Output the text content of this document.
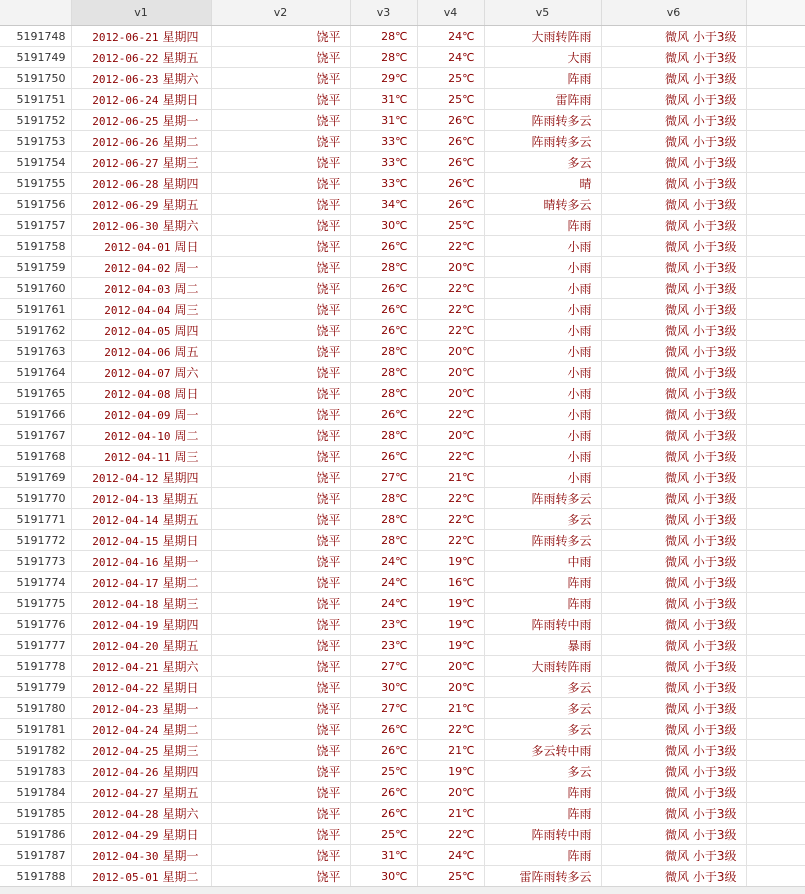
	v1	v2	v3	v4	v5	v6	
5191748	2012-06-21 星期四	饶平	28℃	24℃	大雨转阵雨	微风 小于3级	
5191749	2012-06-22 星期五	饶平	28℃	24℃	大雨	微风 小于3级	
5191750	2012-06-23 星期六	饶平	29℃	25℃	阵雨	微风 小于3级	
5191751	2012-06-24 星期日	饶平	31℃	25℃	雷阵雨	微风 小于3级	
5191752	2012-06-25 星期一	饶平	31℃	26℃	阵雨转多云	微风 小于3级	
5191753	2012-06-26 星期二	饶平	33℃	26℃	阵雨转多云	微风 小于3级	
5191754	2012-06-27 星期三	饶平	33℃	26℃	多云	微风 小于3级	
5191755	2012-06-28 星期四	饶平	33℃	26℃	晴	微风 小于3级	
5191756	2012-06-29 星期五	饶平	34℃	26℃	晴转多云	微风 小于3级	
5191757	2012-06-30 星期六	饶平	30℃	25℃	阵雨	微风 小于3级	
5191758	2012-04-01 周日	饶平	26℃	22℃	小雨	微风 小于3级	
5191759	2012-04-02 周一	饶平	28℃	20℃	小雨	微风 小于3级	
5191760	2012-04-03 周二	饶平	26℃	22℃	小雨	微风 小于3级	
5191761	2012-04-04 周三	饶平	26℃	22℃	小雨	微风 小于3级	
5191762	2012-04-05 周四	饶平	26℃	22℃	小雨	微风 小于3级	
5191763	2012-04-06 周五	饶平	28℃	20℃	小雨	微风 小于3级	
5191764	2012-04-07 周六	饶平	28℃	20℃	小雨	微风 小于3级	
5191765	2012-04-08 周日	饶平	28℃	20℃	小雨	微风 小于3级	
5191766	2012-04-09 周一	饶平	26℃	22℃	小雨	微风 小于3级	
5191767	2012-04-10 周二	饶平	28℃	20℃	小雨	微风 小于3级	
5191768	2012-04-11 周三	饶平	26℃	22℃	小雨	微风 小于3级	
5191769	2012-04-12 星期四	饶平	27℃	21℃	小雨	微风 小于3级	
5191770	2012-04-13 星期五	饶平	28℃	22℃	阵雨转多云	微风 小于3级	
5191771	2012-04-14 星期五	饶平	28℃	22℃	多云	微风 小于3级	
5191772	2012-04-15 星期日	饶平	28℃	22℃	阵雨转多云	微风 小于3级	
5191773	2012-04-16 星期一	饶平	24℃	19℃	中雨	微风 小于3级	
5191774	2012-04-17 星期二	饶平	24℃	16℃	阵雨	微风 小于3级	
5191775	2012-04-18 星期三	饶平	24℃	19℃	阵雨	微风 小于3级	
5191776	2012-04-19 星期四	饶平	23℃	19℃	阵雨转中雨	微风 小于3级	
5191777	2012-04-20 星期五	饶平	23℃	19℃	暴雨	微风 小于3级	
5191778	2012-04-21 星期六	饶平	27℃	20℃	大雨转阵雨	微风 小于3级	
5191779	2012-04-22 星期日	饶平	30℃	20℃	多云	微风 小于3级	
5191780	2012-04-23 星期一	饶平	27℃	21℃	多云	微风 小于3级	
5191781	2012-04-24 星期二	饶平	26℃	22℃	多云	微风 小于3级	
5191782	2012-04-25 星期三	饶平	26℃	21℃	多云转中雨	微风 小于3级	
5191783	2012-04-26 星期四	饶平	25℃	19℃	多云	微风 小于3级	
5191784	2012-04-27 星期五	饶平	26℃	20℃	阵雨	微风 小于3级	
5191785	2012-04-28 星期六	饶平	26℃	21℃	阵雨	微风 小于3级	
5191786	2012-04-29 星期日	饶平	25℃	22℃	阵雨转中雨	微风 小于3级	
5191787	2012-04-30 星期一	饶平	31℃	24℃	阵雨	微风 小于3级	
5191788	2012-05-01 星期二	饶平	30℃	25℃	雷阵雨转多云	微风 小于3级	
